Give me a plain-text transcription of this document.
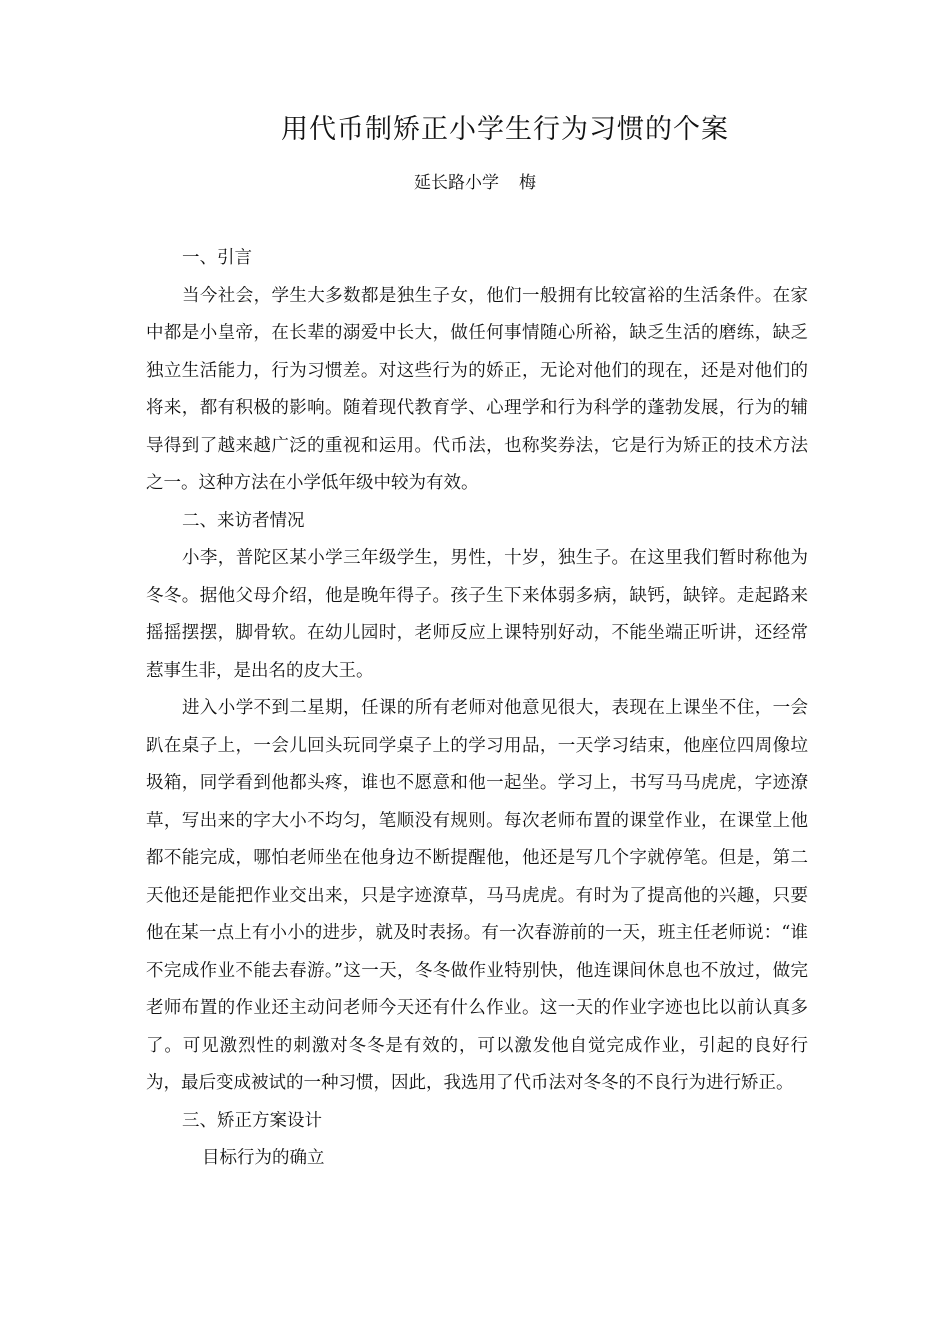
用代币制矫正小学生行为习惯的个案

延长路小学 梅

一、引言

当今社会，学生大多数都是独生子女，他们一般拥有比较富裕的生活条件。在家中都是小皇帝，在长辈的溺爱中长大，做任何事情随心所裕，缺乏生活的磨练，缺乏独立生活能力，行为习惯差。对这些行为的娇正，无论对他们的现在，还是对他们的将来，都有积极的影响。随着现代教育学、心理学和行为科学的蓬勃发展，行为的辅导得到了越来越广泛的重视和运用。代币法，也称奖券法，它是行为矫正的技术方法之一。这种方法在小学低年级中较为有效。

二、来访者情况

小李，普陀区某小学三年级学生，男性，十岁，独生子。在这里我们暂时称他为冬冬。据他父母介绍，他是晚年得子。孩子生下来体弱多病，缺钙，缺锌。走起路来摇摇摆摆，脚骨软。在幼儿园时，老师反应上课特别好动，不能坐端正听讲，还经常惹事生非，是出名的皮大王。

进入小学不到二星期，任课的所有老师对他意见很大，表现在上课坐不住，一会趴在桌子上，一会儿回头玩同学桌子上的学习用品，一天学习结束，他座位四周像垃圾箱，同学看到他都头疼，谁也不愿意和他一起坐。学习上，书写马马虎虎，字迹潦草，写出来的字大小不均匀，笔顺没有规则。每次老师布置的课堂作业，在课堂上他都不能完成，哪怕老师坐在他身边不断提醒他，他还是写几个字就停笔。但是，第二天他还是能把作业交出来，只是字迹潦草，马马虎虎。有时为了提高他的兴趣，只要他在某一点上有小小的进步，就及时表扬。有一次春游前的一天，班主任老师说：“谁不完成作业不能去春游。”这一天，冬冬做作业特别快，他连课间休息也不放过，做完老师布置的作业还主动问老师今天还有什么作业。这一天的作业字迹也比以前认真多了。可见激烈性的刺激对冬冬是有效的，可以激发他自觉完成作业，引起的良好行为，最后变成被试的一种习惯，因此，我选用了代币法对冬冬的不良行为进行矫正。

三、矫正方案设计

目标行为的确立
